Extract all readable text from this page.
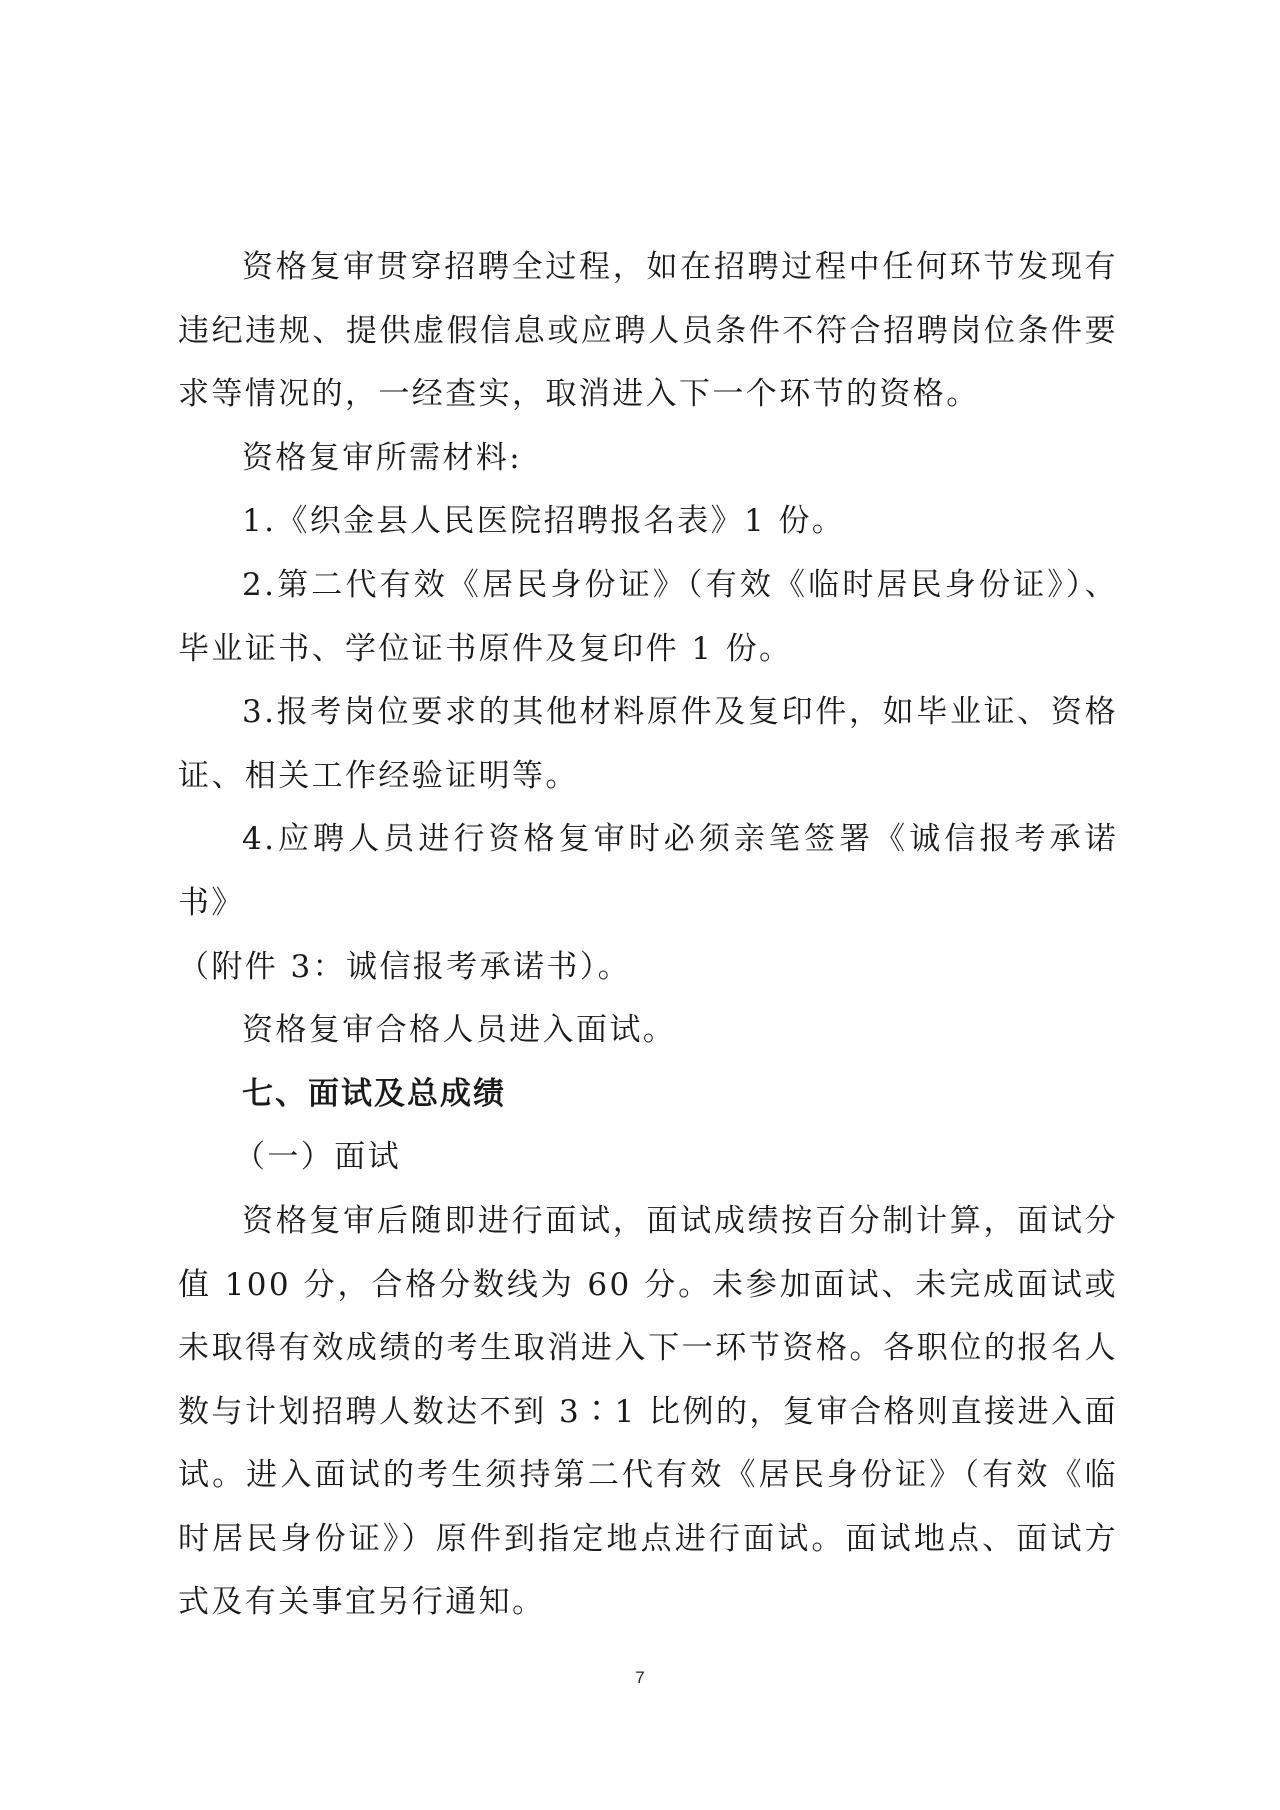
资格复审贯穿招聘全过程，如在招聘过程中任何环节发现有违纪违规、提供虚假信息或应聘人员条件不符合招聘岗位条件要求等情况的，一经查实，取消进入下一个环节的资格。

资格复审所需材料:

1.《织金县人民医院招聘报名表》1 份。

2.第二代有效《居民身份证》（有效《临时居民身份证》）、毕业证书、学位证书原件及复印件 1 份。

3.报考岗位要求的其他材料原件及复印件，如毕业证、资格证、相关工作经验证明等。

4.应聘人员进行资格复审时必须亲笔签署《诚信报考承诺书》

（附件 3：诚信报考承诺书）。

资格复审合格人员进入面试。

七、面试及总成绩

（一）面试

资格复审后随即进行面试，面试成绩按百分制计算，面试分值 100 分，合格分数线为 60 分。未参加面试、未完成面试或未取得有效成绩的考生取消进入下一环节资格。各职位的报名人数与计划招聘人数达不到 3∶1 比例的，复审合格则直接进入面试。进入面试的考生须持第二代有效《居民身份证》（有效《临时居民身份证》）原件到指定地点进行面试。面试地点、面试方式及有关事宜另行通知。

7
